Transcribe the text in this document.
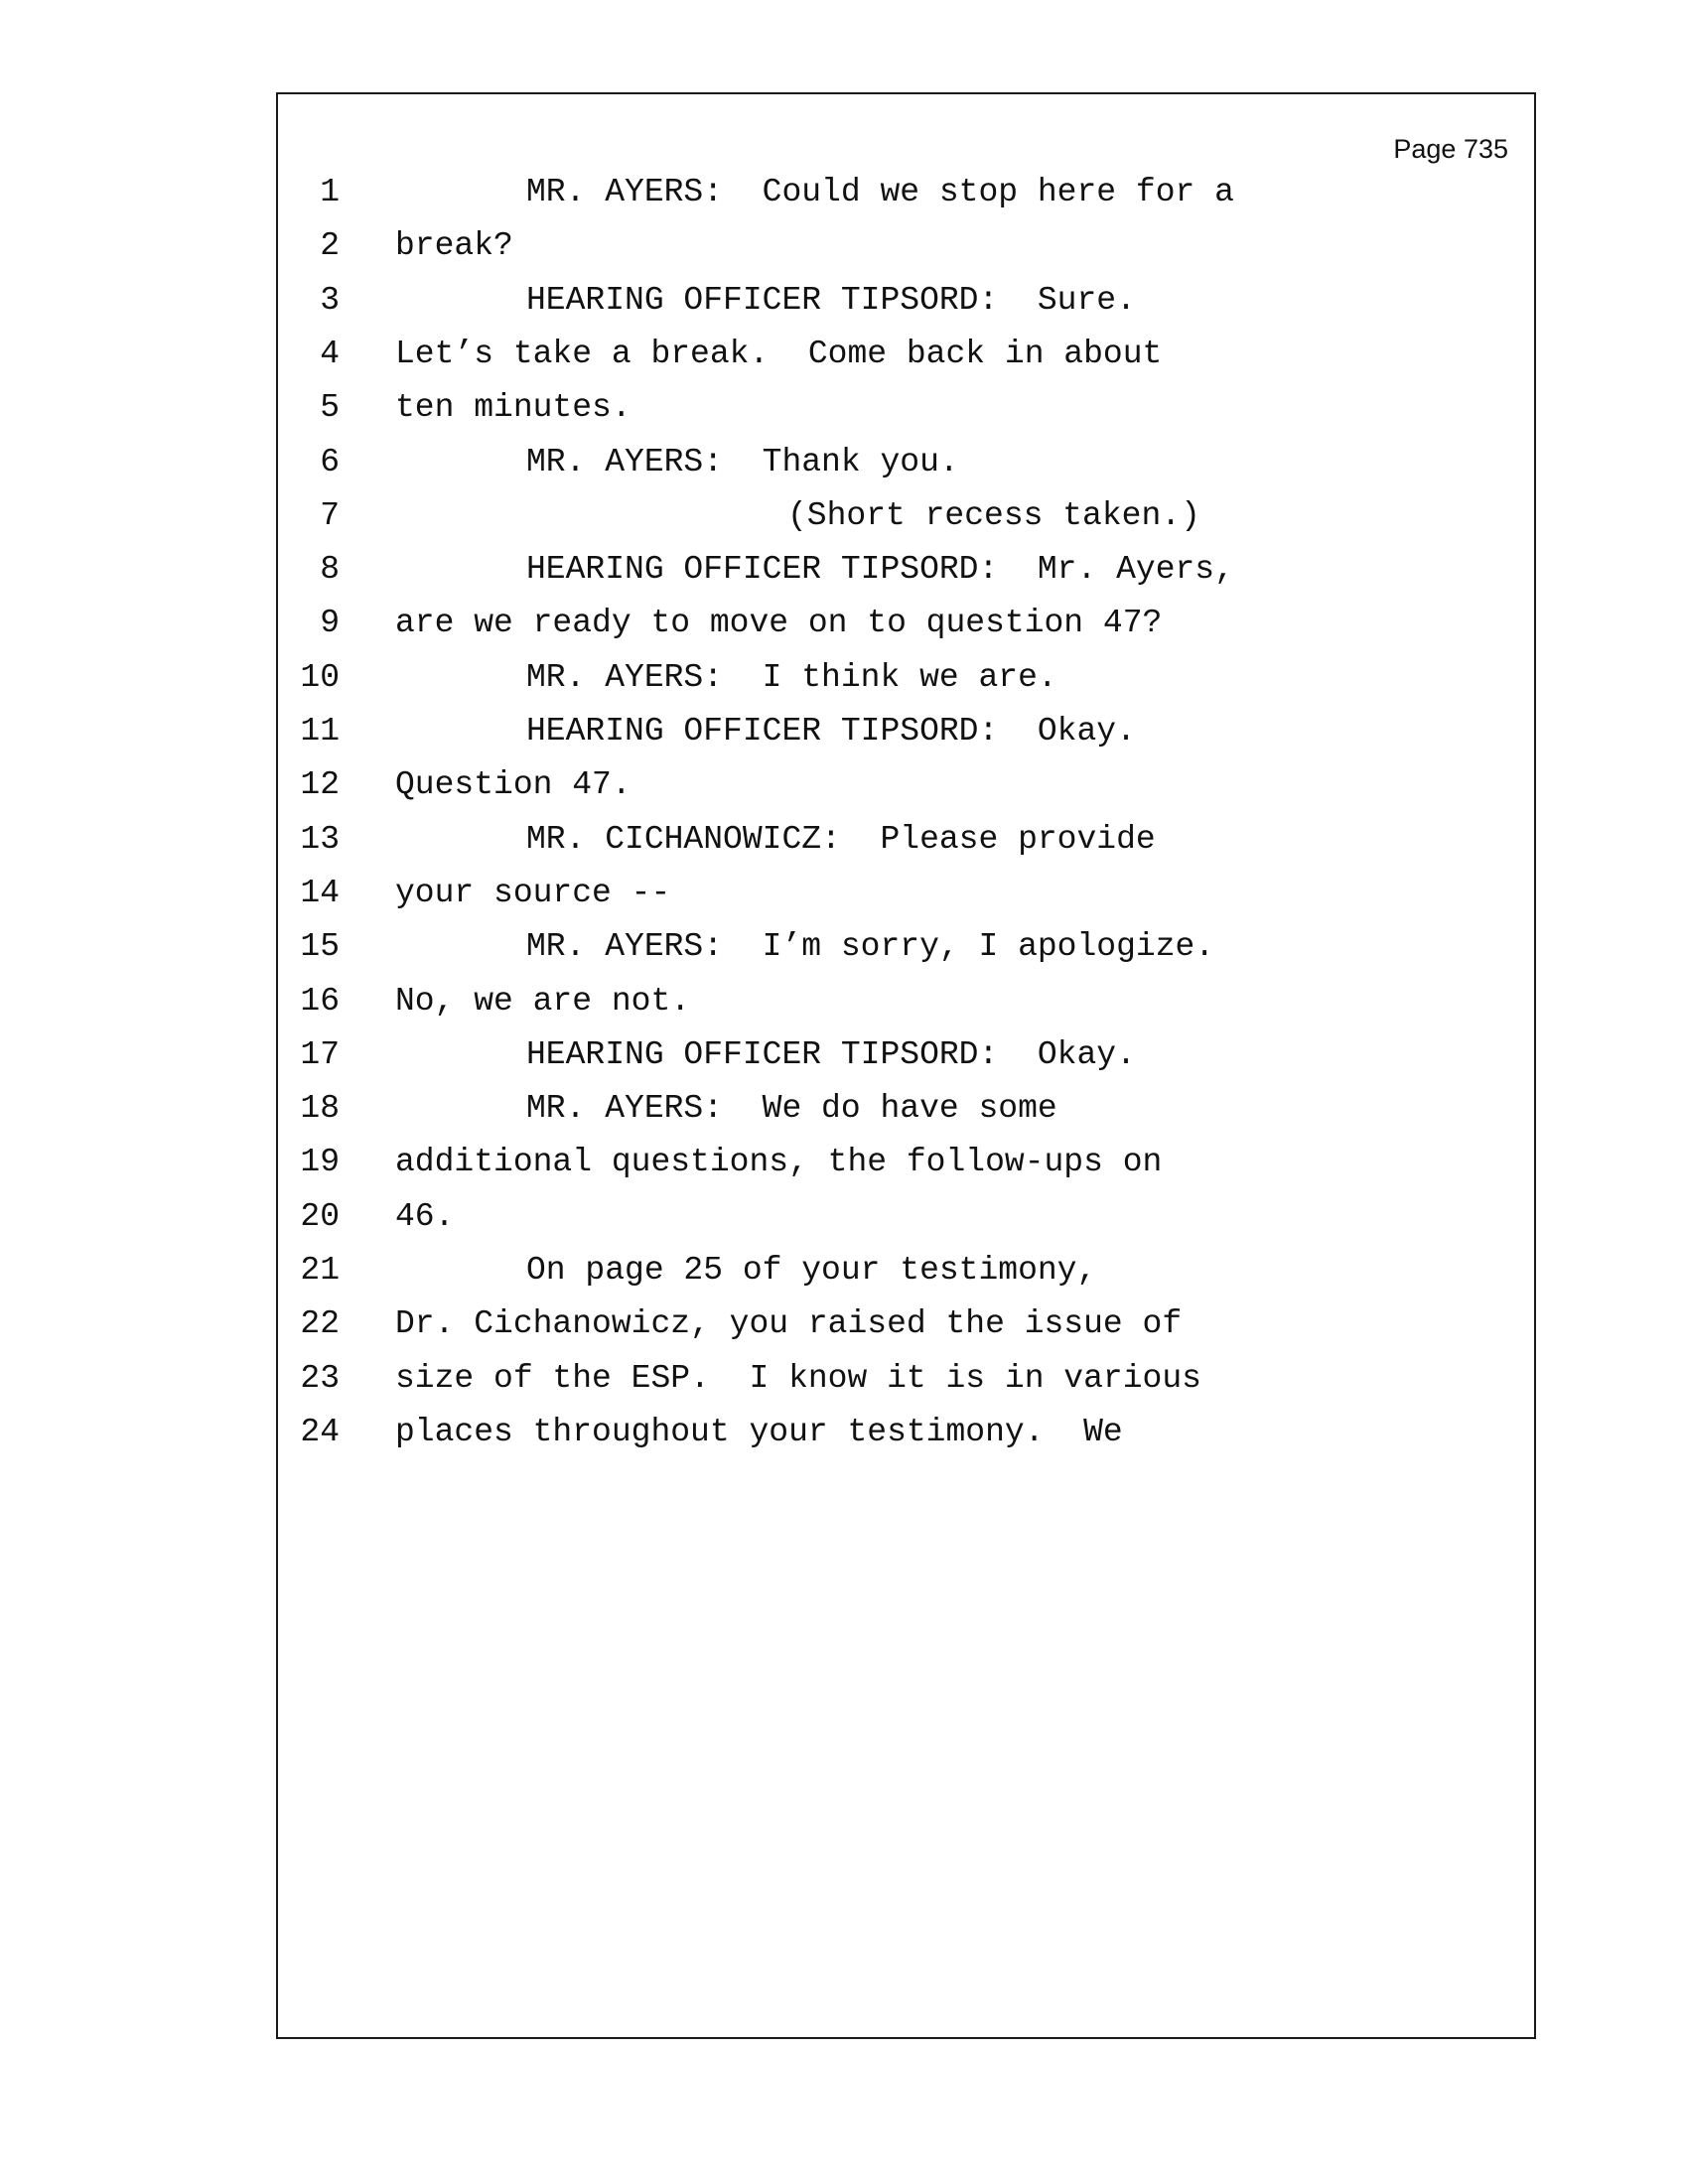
Page 735
1	MR. AYERS:  Could we stop here for a
2 break?
3	HEARING OFFICER TIPSORD:  Sure.
4 Let’s take a break.  Come back in about
5 ten minutes.
6	MR. AYERS:  Thank you.
7	(Short recess taken.)
8	HEARING OFFICER TIPSORD:  Mr. Ayers,
9 are we ready to move on to question 47?
10	MR. AYERS:  I think we are.
11	HEARING OFFICER TIPSORD:  Okay.
12 Question 47.
13	MR. CICHANOWICZ:  Please provide
14 your source --
15	MR. AYERS:  I’m sorry, I apologize.
16 No, we are not.
17	HEARING OFFICER TIPSORD:  Okay.
18	MR. AYERS:  We do have some
19 additional questions, the follow-ups on
20 46.
21	On page 25 of your testimony,
22 Dr. Cichanowicz, you raised the issue of
23 size of the ESP.  I know it is in various
24 places throughout your testimony.  We
